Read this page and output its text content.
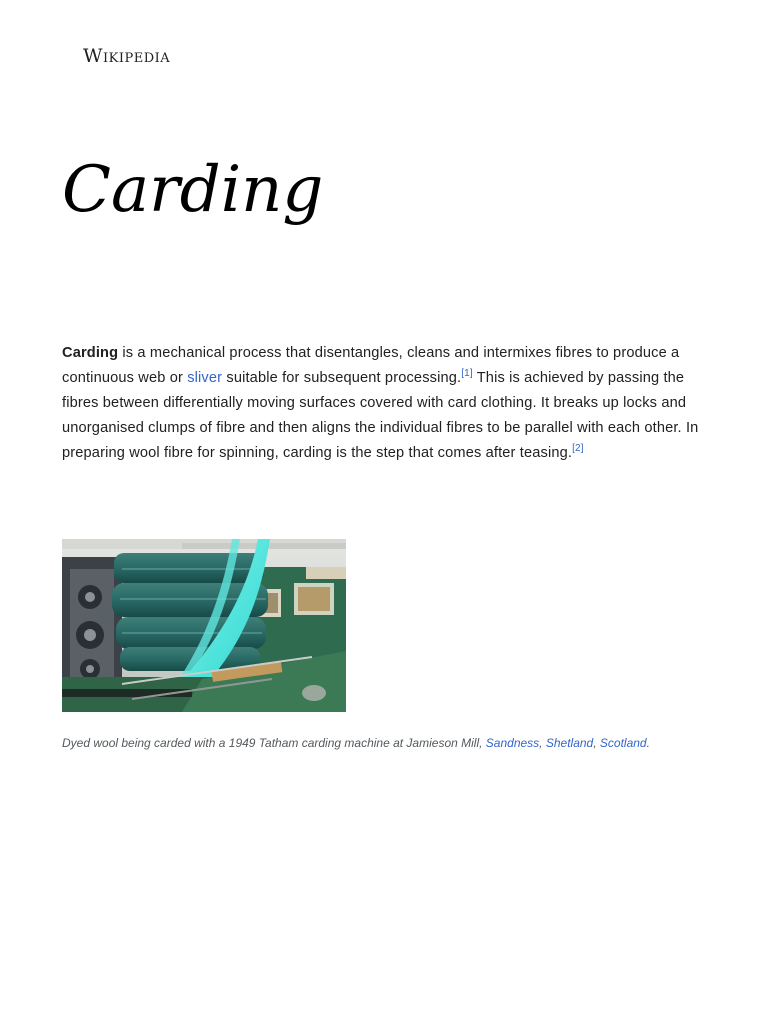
Wikipedia
Carding

Carding is a mechanical process that disentangles, cleans and intermixes fibres to produce a continuous web or sliver suitable for subsequent processing.[1] This is achieved by passing the fibres between differentially moving surfaces covered with card clothing. It breaks up locks and unorganised clumps of fibre and then aligns the individual fibres to be parallel with each other. In preparing wool fibre for spinning, carding is the step that comes after teasing.[2]

Dyed wool being carded with a 1949 Tatham carding machine at Jamieson Mill, Sandness, Shetland, Scotland.
